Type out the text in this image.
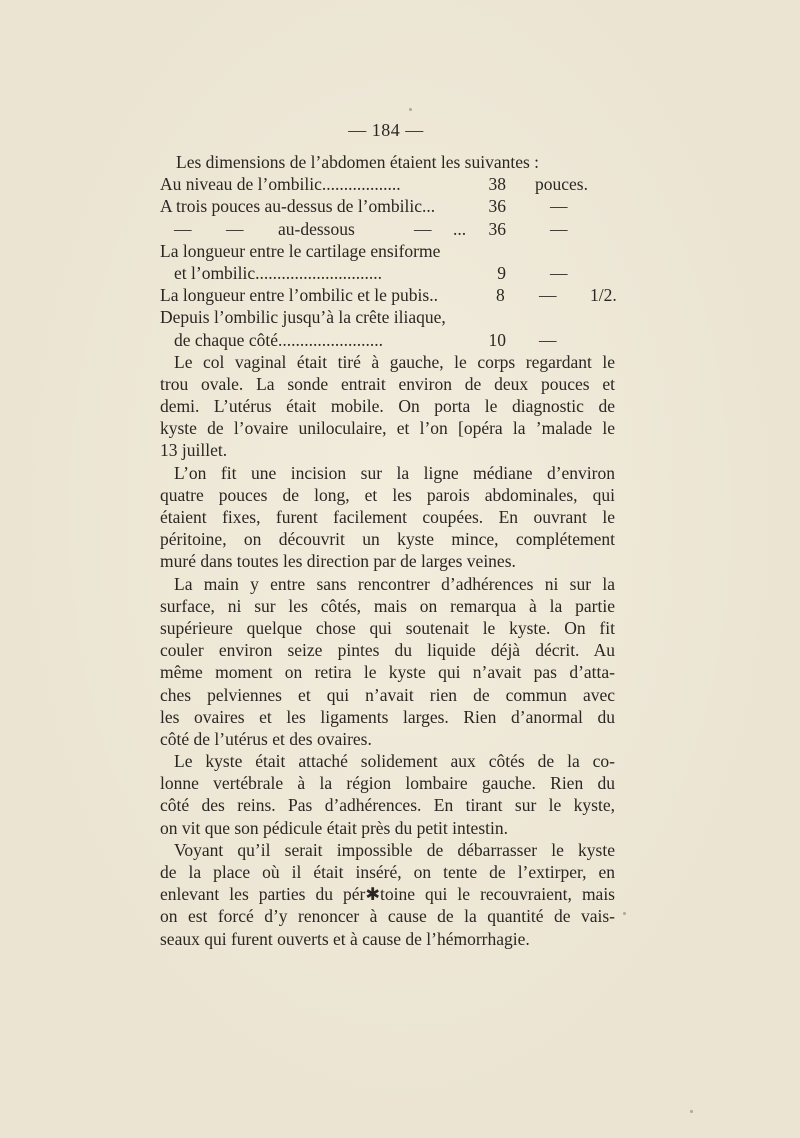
— 184 —
Les dimensions de l’abdomen étaient les suivantes :
Au niveau de l’ombilic..................	38 pouces.
A trois pouces au-dessus de l’ombilic...	36	—
— — au-dessous	— ...	36	—
La longueur entre le cartilage ensiforme
et l’ombilic.............................	9	—
La longueur entre l’ombilic et le pubis..	8	— 1/2.
Depuis l’ombilic jusqu’à la crête iliaque,
de chaque côté........................	10 —
Le col vaginal était tiré à gauche, le corps regardant le
trou ovale. La sonde entrait environ de deux pouces et
demi. L’utérus était mobile. On porta le diagnostic de
kyste de l’ovaire uniloculaire, et l’on [opéra la ’malade le
13 juillet.
L’on fit une incision sur la ligne médiane d’environ
quatre pouces de long, et les parois abdominales, qui
étaient fixes, furent facilement coupées. En ouvrant le
péritoine, on découvrit un kyste mince, complétement
muré dans toutes les direction par de larges veines.
La main y entre sans rencontrer d’adhérences ni sur la
surface, ni sur les côtés, mais on remarqua à la partie
supérieure quelque chose qui soutenait le kyste. On fit
couler environ seize pintes du liquide déjà décrit. Au
même moment on retira le kyste qui n’avait pas d’atta-
ches pelviennes et qui n’avait rien de commun avec
les ovaires et les ligaments larges. Rien d’anormal du
côté de l’utérus et des ovaires.
Le kyste était attaché solidement aux côtés de la co-
lonne vertébrale à la région lombaire gauche. Rien du
côté des reins. Pas d’adhérences. En tirant sur le kyste,
on vit que son pédicule était près du petit intestin.
Voyant qu’il serait impossible de débarrasser le kyste
de la place où il était inséré, on tente de l’extirper, en
enlevant les parties du pér✱toine qui le recouvraient, mais
on est forcé d’y renoncer à cause de la quantité de vais-
seaux qui furent ouverts et à cause de l’hémorrhagie.
